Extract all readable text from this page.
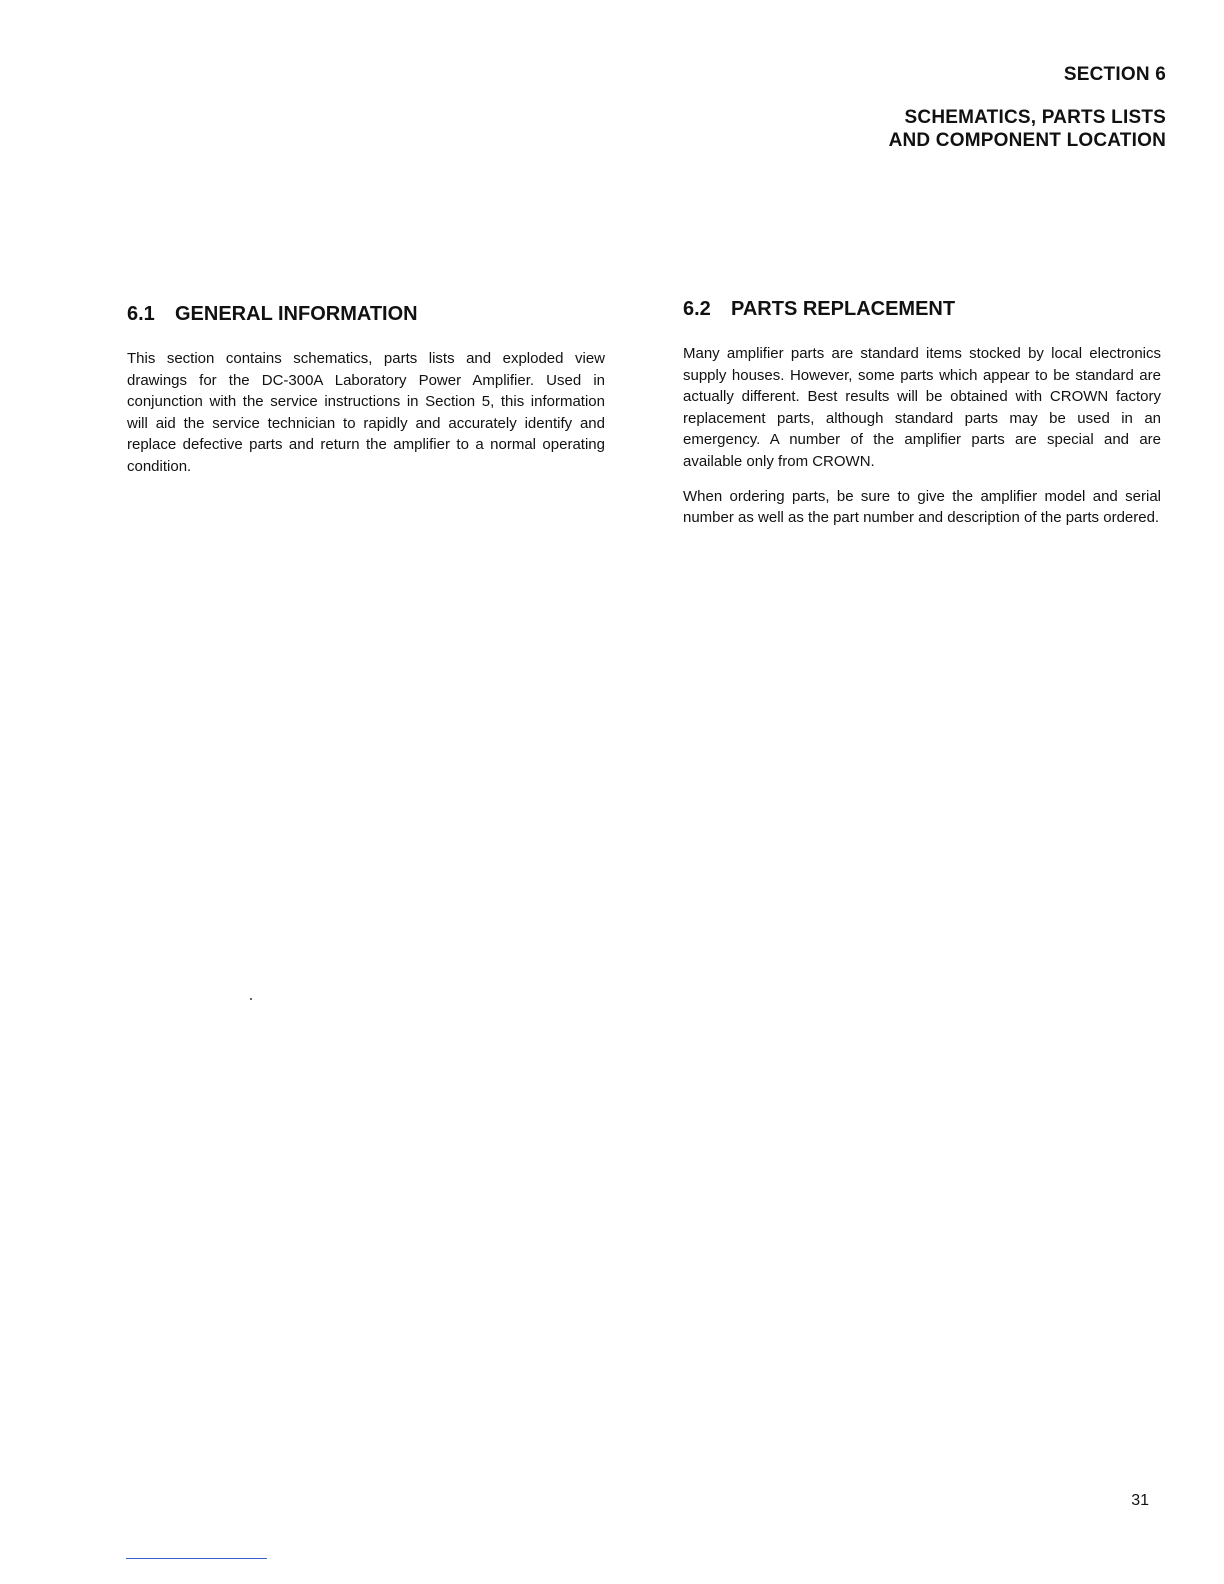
SECTION 6
SCHEMATICS, PARTS LISTS
AND COMPONENT LOCATION
6.1 GENERAL INFORMATION

This section contains schematics, parts lists and exploded view drawings for the DC-300A Laboratory Power Amplifier. Used in conjunction with the service instructions in Section 5, this information will aid the service technician to rapidly and accurately identify and replace defective parts and return the amplifier to a normal operating condition.

6.2 PARTS REPLACEMENT

Many amplifier parts are standard items stocked by local electronics supply houses. However, some parts which appear to be standard are actually different. Best results will be obtained with CROWN factory replacement parts, although standard parts may be used in an emergency. A number of the amplifier parts are special and are available only from CROWN.

When ordering parts, be sure to give the amplifier model and serial number as well as the part number and description of the parts ordered.

31
